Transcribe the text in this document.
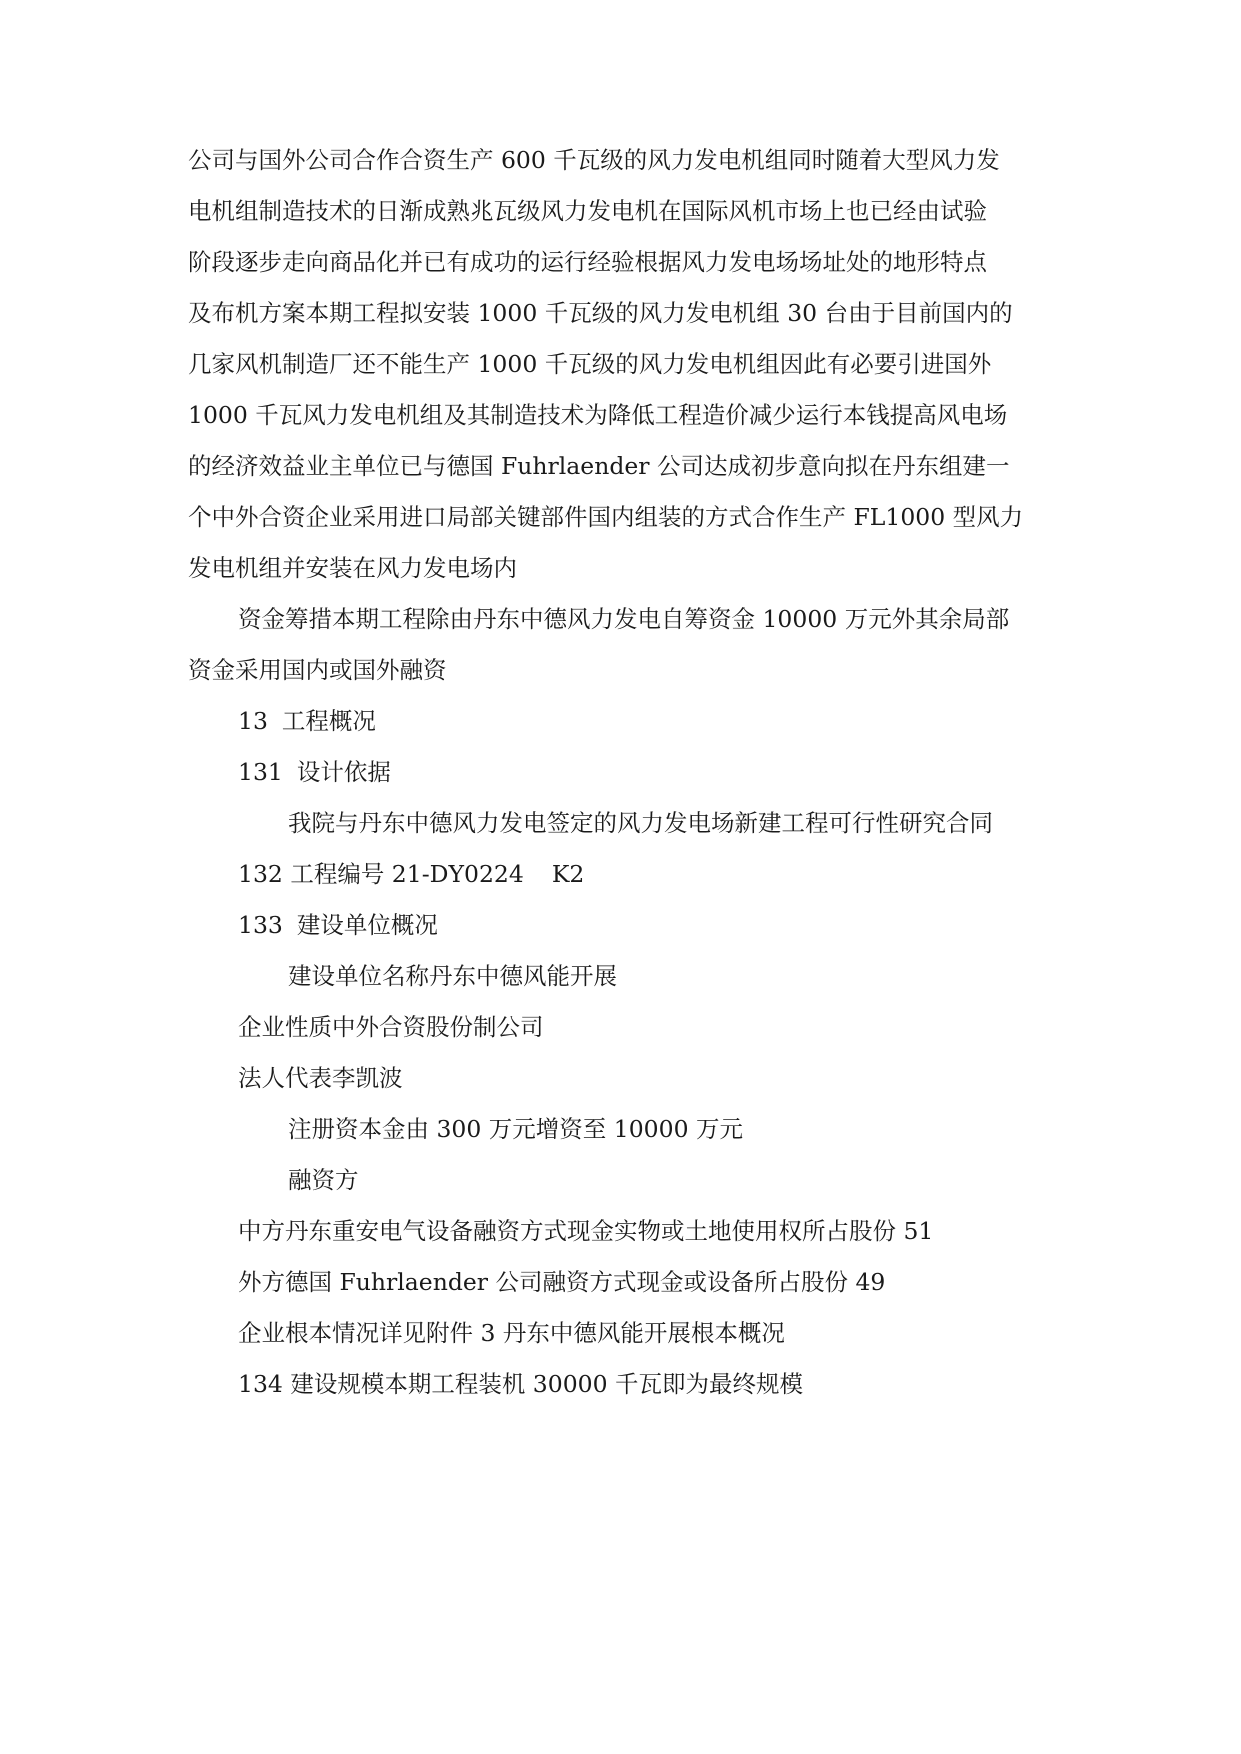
公司与国外公司合作合资生产 600 千瓦级的风力发电机组同时随着大型风力发
电机组制造技术的日渐成熟兆瓦级风力发电机在国际风机市场上也已经由试验
阶段逐步走向商品化并已有成功的运行经验根据风力发电场场址处的地形特点
及布机方案本期工程拟安装 1000 千瓦级的风力发电机组 30 台由于目前国内的
几家风机制造厂还不能生产 1000 千瓦级的风力发电机组因此有必要引进国外
1000 千瓦风力发电机组及其制造技术为降低工程造价减少运行本钱提高风电场
的经济效益业主单位已与德国 Fuhrlaender 公司达成初步意向拟在丹东组建一
个中外合资企业采用进口局部关键部件国内组装的方式合作生产 FL1000 型风力
发电机组并安装在风力发电场内
资金筹措本期工程除由丹东中德风力发电自筹资金 10000 万元外其余局部
资金采用国内或国外融资
13 工程概况
131 设计依据
我院与丹东中德风力发电签定的风力发电场新建工程可行性研究合同
132 工程编号 21-DY0224 K2
133 建设单位概况
建设单位名称丹东中德风能开展
企业性质中外合资股份制公司
法人代表李凯波
注册资本金由 300 万元增资至 10000 万元
融资方
中方丹东重安电气设备融资方式现金实物或土地使用权所占股份 51
外方德国 Fuhrlaender 公司融资方式现金或设备所占股份 49
企业根本情况详见附件 3 丹东中德风能开展根本概况
134 建设规模本期工程装机 30000 千瓦即为最终规模
